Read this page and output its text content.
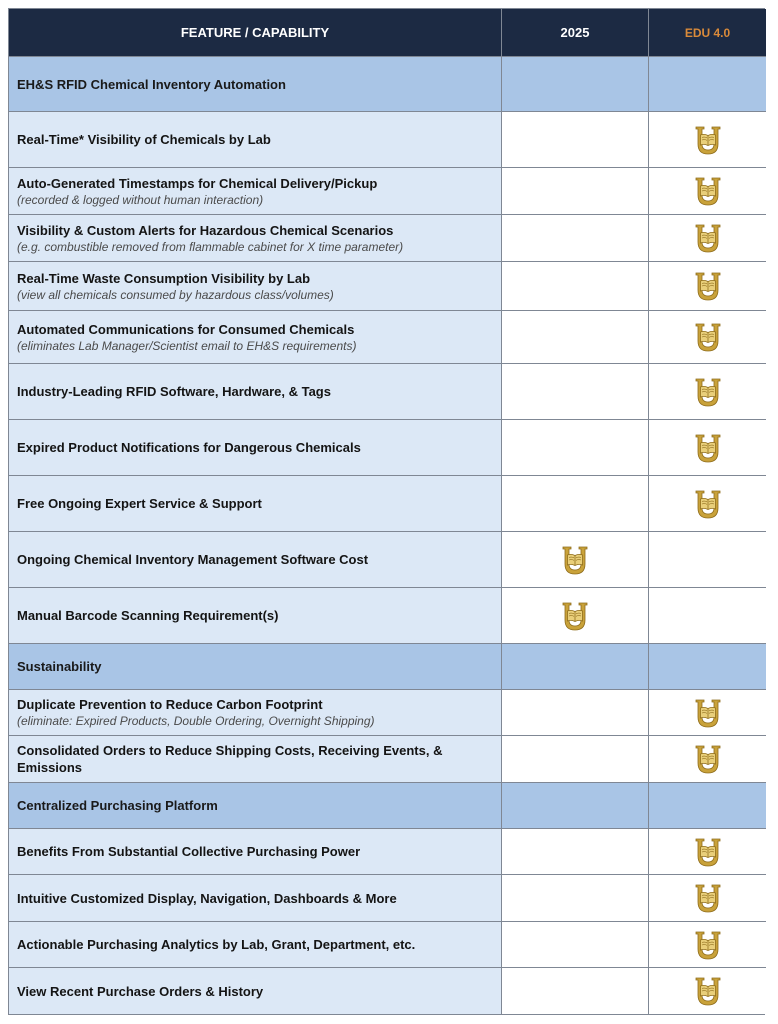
FEATURE / CAPABILITY	2025	EDU 4.0
EH&S RFID Chemical Inventory Automation
Real-Time* Visibility of Chemicals by Lab
Auto-Generated Timestamps for Chemical Delivery/Pickup
(recorded & logged without human interaction)
Visibility & Custom Alerts for Hazardous Chemical Scenarios
(e.g. combustible removed from flammable cabinet for X time parameter)
Real-Time Waste Consumption Visibility by Lab
(view all chemicals consumed by hazardous class/volumes)
Automated Communications for Consumed Chemicals
(eliminates Lab Manager/Scientist email to EH&S requirements)
Industry-Leading RFID Software, Hardware, & Tags
Expired Product Notifications for Dangerous Chemicals
Free Ongoing Expert Service & Support
Ongoing Chemical Inventory Management Software Cost
Manual Barcode Scanning Requirement(s)
Sustainability
Duplicate Prevention to Reduce Carbon Footprint
(eliminate: Expired Products, Double Ordering, Overnight Shipping)
Consolidated Orders to Reduce Shipping Costs, Receiving Events, & Emissions
Centralized Purchasing Platform
Benefits From Substantial Collective Purchasing Power
Intuitive Customized Display, Navigation, Dashboards & More
Actionable Purchasing Analytics by Lab, Grant, Department, etc.
View Recent Purchase Orders & History
